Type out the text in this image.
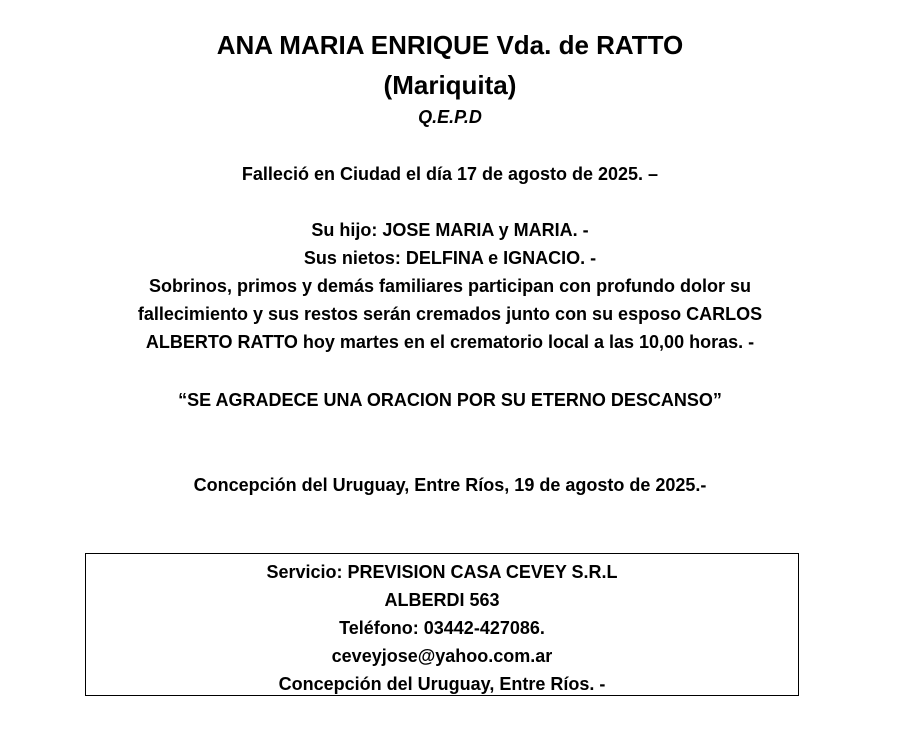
ANA MARIA ENRIQUE Vda. de RATTO
(Mariquita)
Q.E.P.D
Falleció en Ciudad el día 17 de agosto de 2025. –
Su hijo: JOSE MARIA y MARIA. -
Sus nietos: DELFINA e IGNACIO. -
Sobrinos, primos y demás familiares participan con profundo dolor su
fallecimiento y sus restos serán cremados junto con su esposo CARLOS
ALBERTO RATTO hoy martes en el crematorio local a las 10,00 horas. -
“SE AGRADECE UNA ORACION POR SU ETERNO DESCANSO”
Concepción del Uruguay, Entre Ríos, 19 de agosto de 2025.-
Servicio: PREVISION CASA CEVEY S.R.L
ALBERDI 563
Teléfono: 03442-427086.
ceveyjose@yahoo.com.ar
Concepción del Uruguay, Entre Ríos. -
